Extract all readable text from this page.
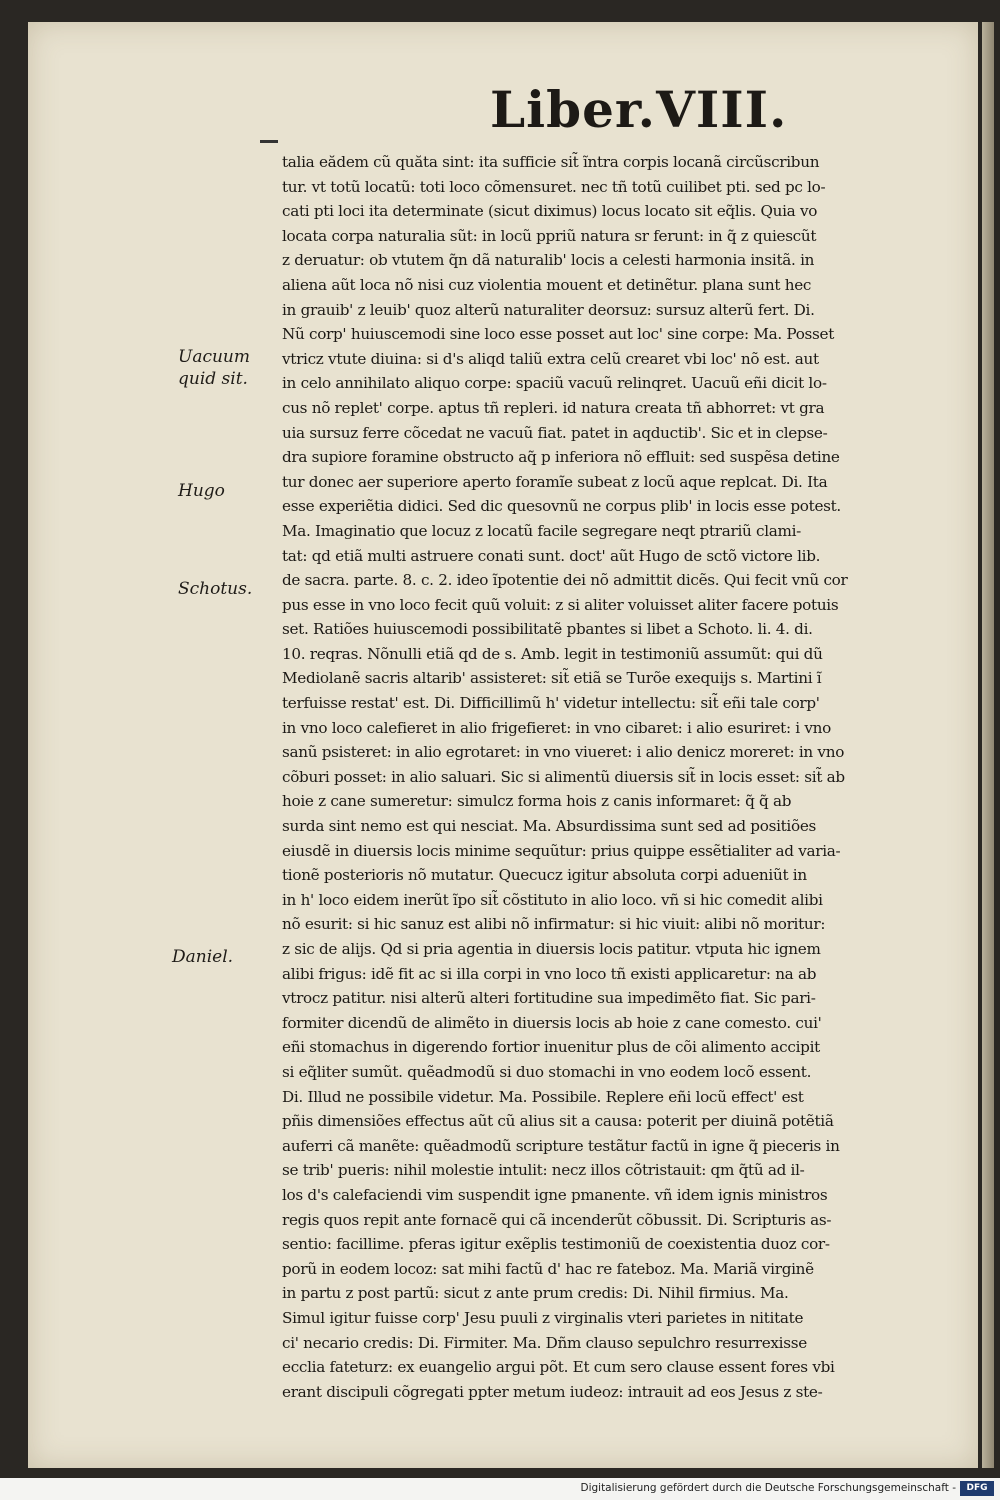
Liber.VIII.
Uacuum
quid sit.
Hugo
Schotus.
Daniel.
talia eădem cũ quăta sint: ita sufficie sit̃ ĩntra corpis locanã circũscribun
tur. vt totũ locatũ: toti loco cõmensuret. nec tñ totũ cuilibet pti. sed pc lo-
cati pti loci ita determinate (sicut diximus) locus locato sit eq̃lis. Quia vo
locata corpa naturalia sũt: in locũ ppriũ natura sr ferunt: in q̃ z quiescũt
z deruatur: ob vtutem q̃n dã naturalib' locis a celesti harmonia insitã. in
aliena aũt loca nõ nisi cuz violentia mouent et detinẽtur. plana sunt hec
in grauib' z leuib' quoz alterũ naturaliter deorsuz: sursuz alterũ fert. Di.
Nũ corp' huiuscemodi sine loco esse posset aut loc' sine corpe: Ma. Posset
vtricz vtute diuina: si d's aliqd taliũ extra celũ crearet vbi loc' nõ est. aut
in celo annihilato aliquo corpe: spaciũ vacuũ relinqret. Uacuũ eñi dicit lo-
cus nõ replet' corpe. aptus tñ repleri. id natura creata tñ abhorret: vt gra
uia sursuz ferre cõcedat ne vacuũ fiat. patet in aqductib'. Sic et in clepse-
dra supiore foramine obstructo aq̃ p inferiora nõ effluit: sed suspẽsa detine
tur donec aer superiore aperto foramĩe subeat z locũ aque replcat. Di. Ita
esse experiẽtia didici. Sed dic quesovnũ ne corpus plib' in locis esse potest.
Ma. Imaginatio que locuz z locatũ facile segregare neqt ptrariũ clami-
tat: qd etiã multi astruere conati sunt. doct' aũt Hugo de sctõ victore lib.
de sacra. parte. 8. c. 2. ideo ĩpotentie dei nõ admittit dicẽs. Qui fecit vnũ cor
pus esse in vno loco fecit quũ voluit: z si aliter voluisset aliter facere potuis
set. Ratiões huiuscemodi possibilitatẽ pbantes si libet a Schoto. li. 4. di.
10. reqras. Nõnulli etiã qd de s. Amb. legit in testimoniũ assumũt: qui dũ
Mediolanẽ sacris altarib' assisteret: sit̃ etiã se Turõe exequijs s. Martini ĩ
terfuisse restat' est. Di. Difficillimũ h' videtur intellectu: sit̃ eñi tale corp'
in vno loco calefieret in alio frigefieret: in vno cibaret: i alio esuriret: i vno
sanũ psisteret: in alio egrotaret: in vno viueret: i alio denicz moreret: in vno
cõburi posset: in alio saluari. Sic si alimentũ diuersis sit̃ in locis esset: sit̃ ab
hoie z cane sumeretur: simulcz forma hois z canis informaret: q̃ q̃ ab
surda sint nemo est qui nesciat. Ma. Absurdissima sunt sed ad positiões
eiusdẽ in diuersis locis minime sequũtur: prius quippe essẽtialiter ad varia-
tionẽ posterioris nõ mutatur. Quecucz igitur absoluta corpi adueniũt in
in h' loco eidem inerũt ĩpo sit̃ cõstituto in alio loco. vñ si hic comedit alibi
nõ esurit: si hic sanuz est alibi nõ infirmatur: si hic viuit: alibi nõ moritur:
z sic de alijs. Qd si pria agentia in diuersis locis patitur. vtputa hic ignem
alibi frigus: idẽ fit ac si illa corpi in vno loco tñ existi applicaretur: na ab
vtrocz patitur. nisi alterũ alteri fortitudine sua impedimẽto fiat. Sic pari-
formiter dicendũ de alimẽto in diuersis locis ab hoie z cane comesto. cui'
eñi stomachus in digerendo fortior inuenitur plus de cõi alimento accipit
si eq̃liter sumũt. quẽadmodũ si duo stomachi in vno eodem locõ essent.
Di. Illud ne possibile videtur. Ma. Possibile. Replere eñi locũ effect' est
pñis dimensiões effectus aũt cũ alius sit a causa: poterit per diuinã potẽtiã
auferri cã manẽte: quẽadmodũ scripture testãtur factũ in igne q̃ pieceris in
se trib' pueris: nihil molestie intulit: necz illos cõtristauit: qm q̃tũ ad il-
los d's calefaciendi vim suspendit igne pmanente. vñ idem ignis ministros
regis quos repit ante fornacẽ qui cã incenderũt cõbussit. Di. Scripturis as-
sentio: facillime. pferas igitur exẽplis testimoniũ de coexistentia duoz cor-
porũ in eodem locoz: sat mihi factũ d' hac re fateboz. Ma. Mariã virginẽ
in partu z post partũ: sicut z ante prum credis: Di. Nihil firmius. Ma.
Simul igitur fuisse corp' Jesu puuli z virginalis vteri parietes in nititate
ci' necario credis: Di. Firmiter. Ma. Dñm clauso sepulchro resurrexisse
ecclia fateturz: ex euangelio argui põt. Et cum sero clause essent fores vbi
erant discipuli cõgregati ppter metum iudeoz: intrauit ad eos Jesus z ste-
Digitalisierung gefördert durch die Deutsche Forschungsgemeinschaft -	DFG
